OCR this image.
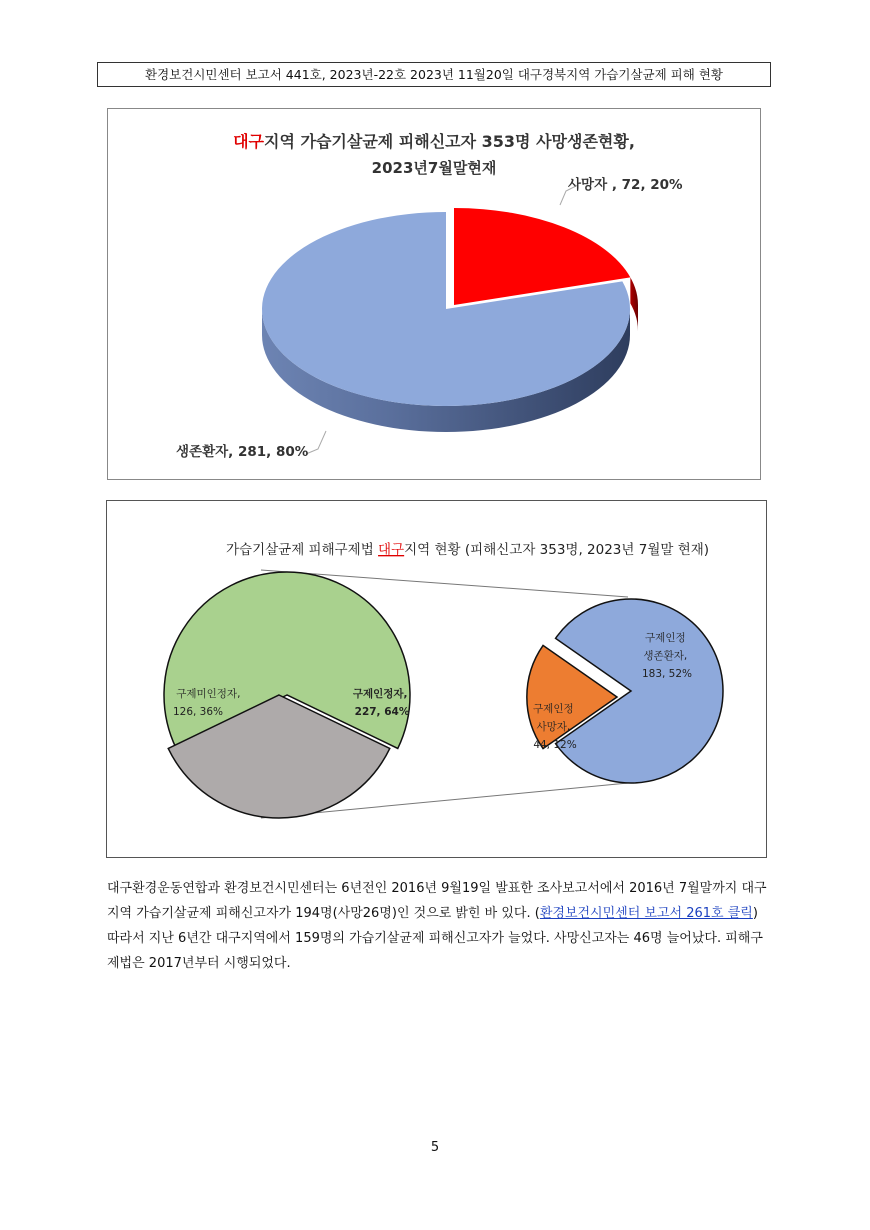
환경보건시민센터 보고서 441호, 2023년-22호 2023년 11월20일 대구경북지역 가습기살균제 피해 현황
대구지역 가습기살균제 피해신고자 353명 사망생존현황,
2023년7월말현재
사망자 , 72, 20%
생존환자, 281, 80%
가습기살균제 피해구제법 대구지역 현황 (피해신고자 353명, 2023년 7월말 현재)
구제미인정자, 126, 36%
구제인정자, 227, 64%
구제인정 생존환자, 183, 52%
구제인정 사망자, 44, 12%
대구환경운동연합과 환경보건시민센터는 6년전인 2016년 9월19일 발표한 조사보고서에서 2016년 7월말까지 대구지역 가습기살균제 피해신고자가 194명(사망26명)인 것으로 밝힌 바 있다. (환경보건시민센터 보고서 261호 클릭) 따라서 지난 6년간 대구지역에서 159명의 가습기살균제 피해신고자가 늘었다. 사망신고자는 46명 늘어났다. 피해구제법은 2017년부터 시행되었다.
5
